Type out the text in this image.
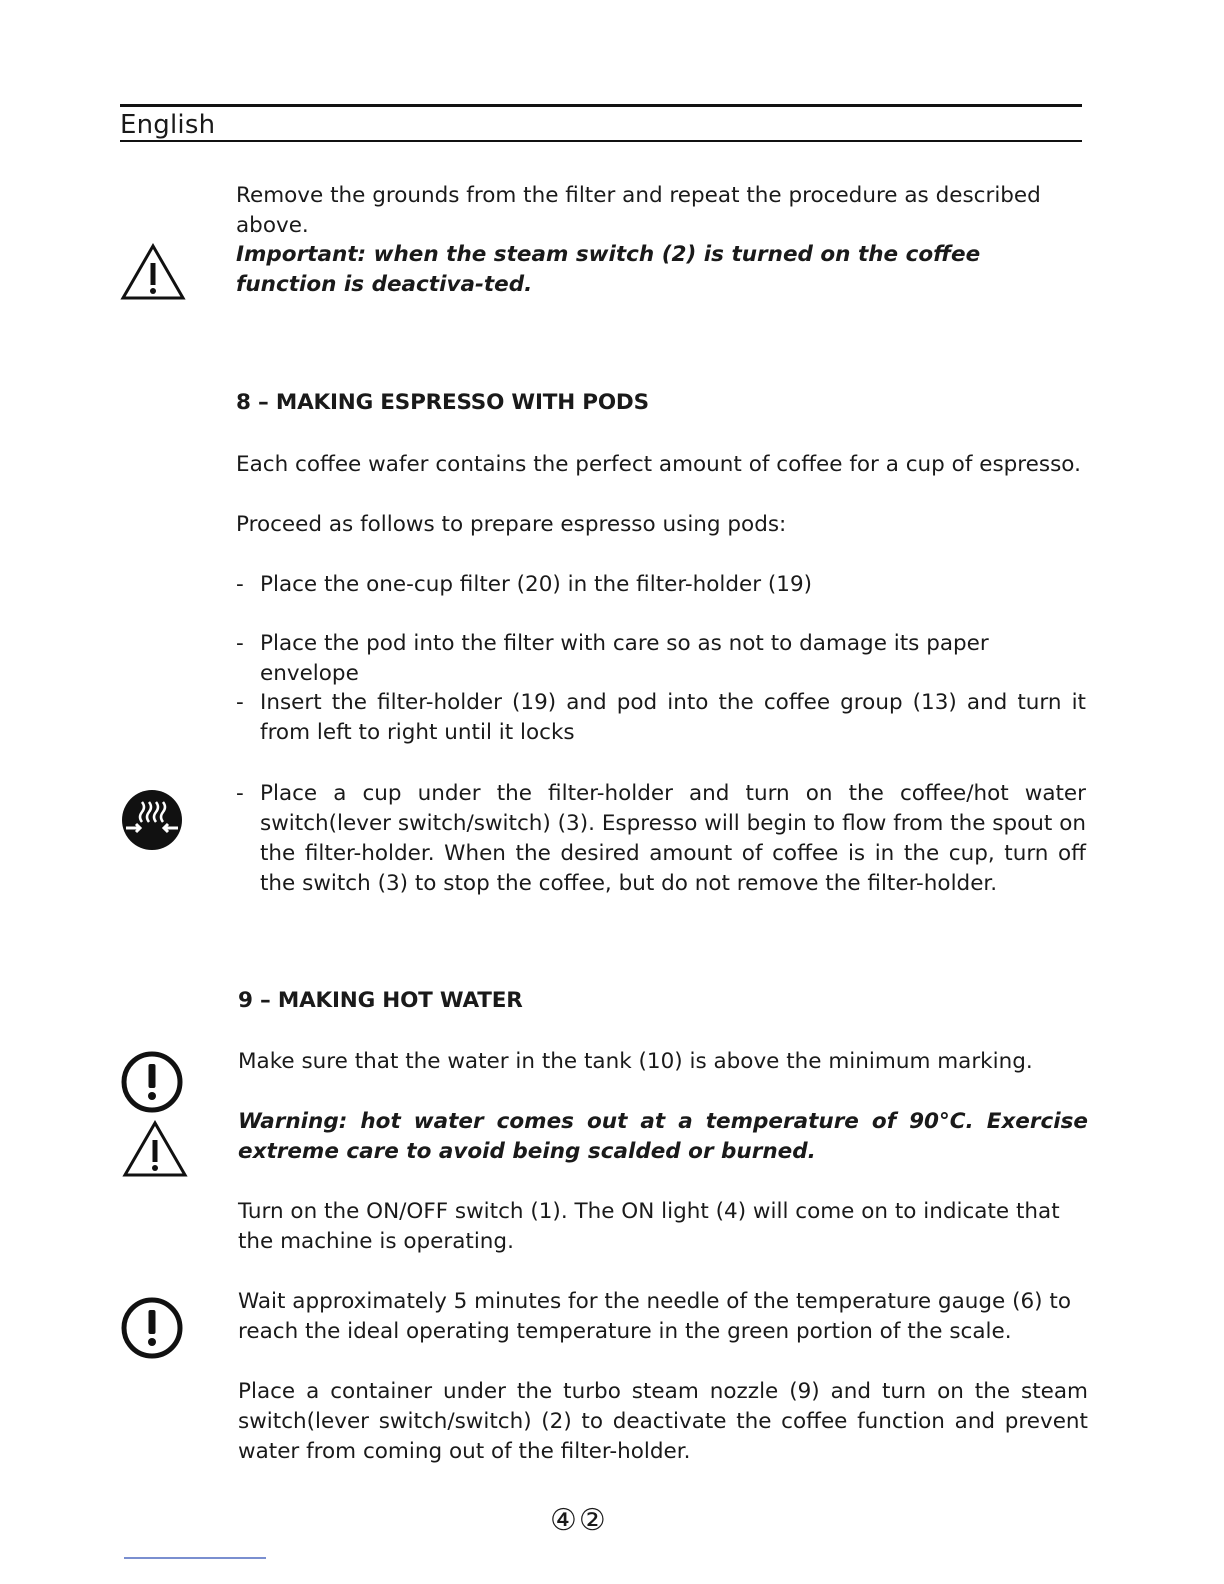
English

Remove the grounds from the filter and repeat the procedure as described above.

Important: when the steam switch (2) is turned on the coffee function is deactiva-ted.

8 – MAKING ESPRESSO WITH PODS

Each coffee wafer contains the perfect amount of coffee for a cup of espresso.

Proceed as follows to prepare espresso using pods:

- Place the one-cup filter (20) in the filter-holder (19)
- Place the pod into the filter with care so as not to damage its paper envelope
- Insert the filter-holder (19) and pod into the coffee group (13) and turn it from left to right until it locks
- Place a cup under the filter-holder and turn on the coffee/hot water switch(lever switch/switch) (3). Espresso will begin to flow from the spout on the filter-holder. When the desired amount of coffee is in the cup, turn off the switch (3) to stop the coffee, but do not remove the filter-holder.
9 – MAKING HOT WATER

Make sure that the water in the tank (10) is above the minimum marking.

Warning: hot water comes out at a temperature of 90°C. Exercise extreme care to avoid being scalded or burned.

Turn on the ON/OFF switch (1). The ON light (4) will come on to indicate that the machine is operating.

Wait approximately 5 minutes for the needle of the temperature gauge (6) to reach the ideal operating temperature in the green portion of the scale.

Place a container under the turbo steam nozzle (9) and turn on the steam switch(lever switch/switch) (2) to deactivate the coffee function and prevent water from coming out of the filter-holder.

④②
